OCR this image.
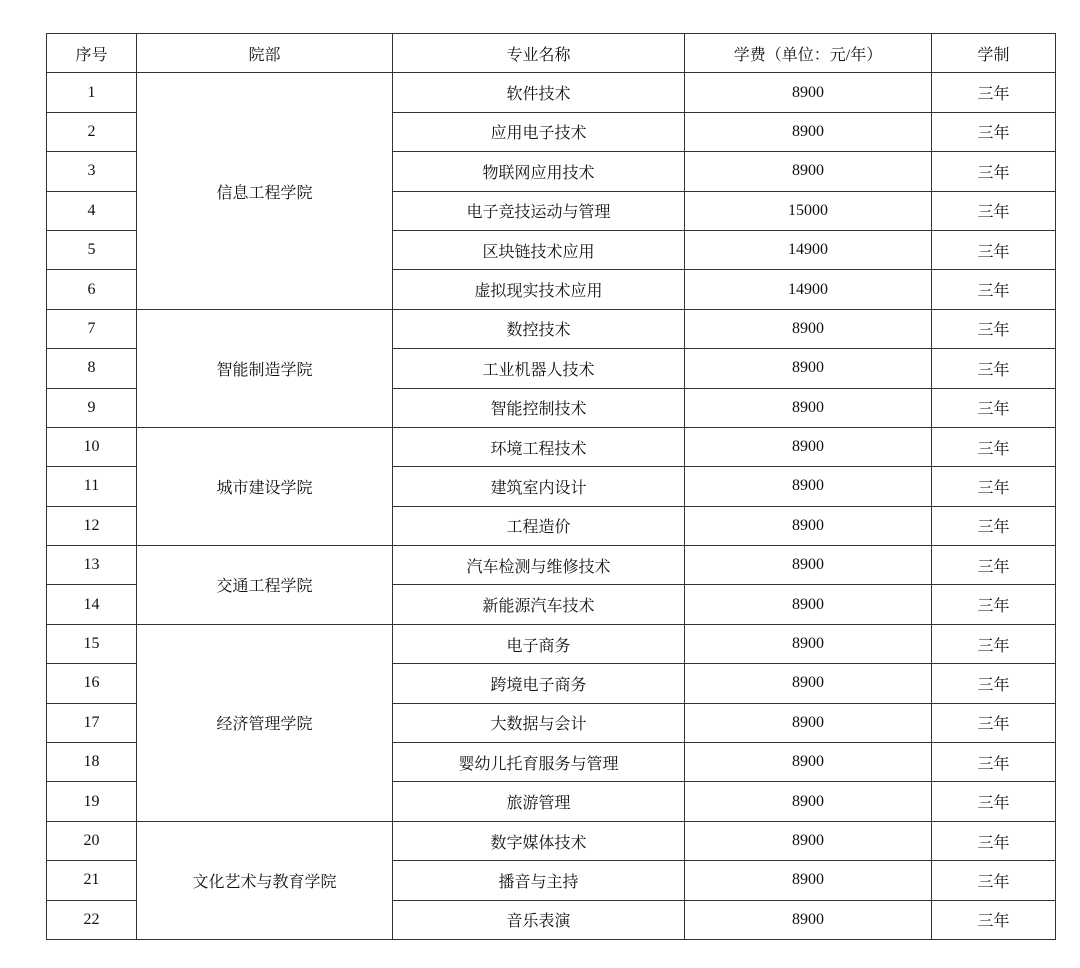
序号	院部	专业名称	学费（单位：元/年）	学制
1	信息工程学院	软件技术	8900	三年
2		应用电子技术	8900	三年
3		物联网应用技术	8900	三年
4		电子竞技运动与管理	15000	三年
5		区块链技术应用	14900	三年
6		虚拟现实技术应用	14900	三年
7	智能制造学院	数控技术	8900	三年
8		工业机器人技术	8900	三年
9		智能控制技术	8900	三年
10	城市建设学院	环境工程技术	8900	三年
11		建筑室内设计	8900	三年
12		工程造价	8900	三年
13	交通工程学院	汽车检测与维修技术	8900	三年
14		新能源汽车技术	8900	三年
15	经济管理学院	电子商务	8900	三年
16		跨境电子商务	8900	三年
17		大数据与会计	8900	三年
18		婴幼儿托育服务与管理	8900	三年
19		旅游管理	8900	三年
20	文化艺术与教育学院	数字媒体技术	8900	三年
21		播音与主持	8900	三年
22		音乐表演	8900	三年
